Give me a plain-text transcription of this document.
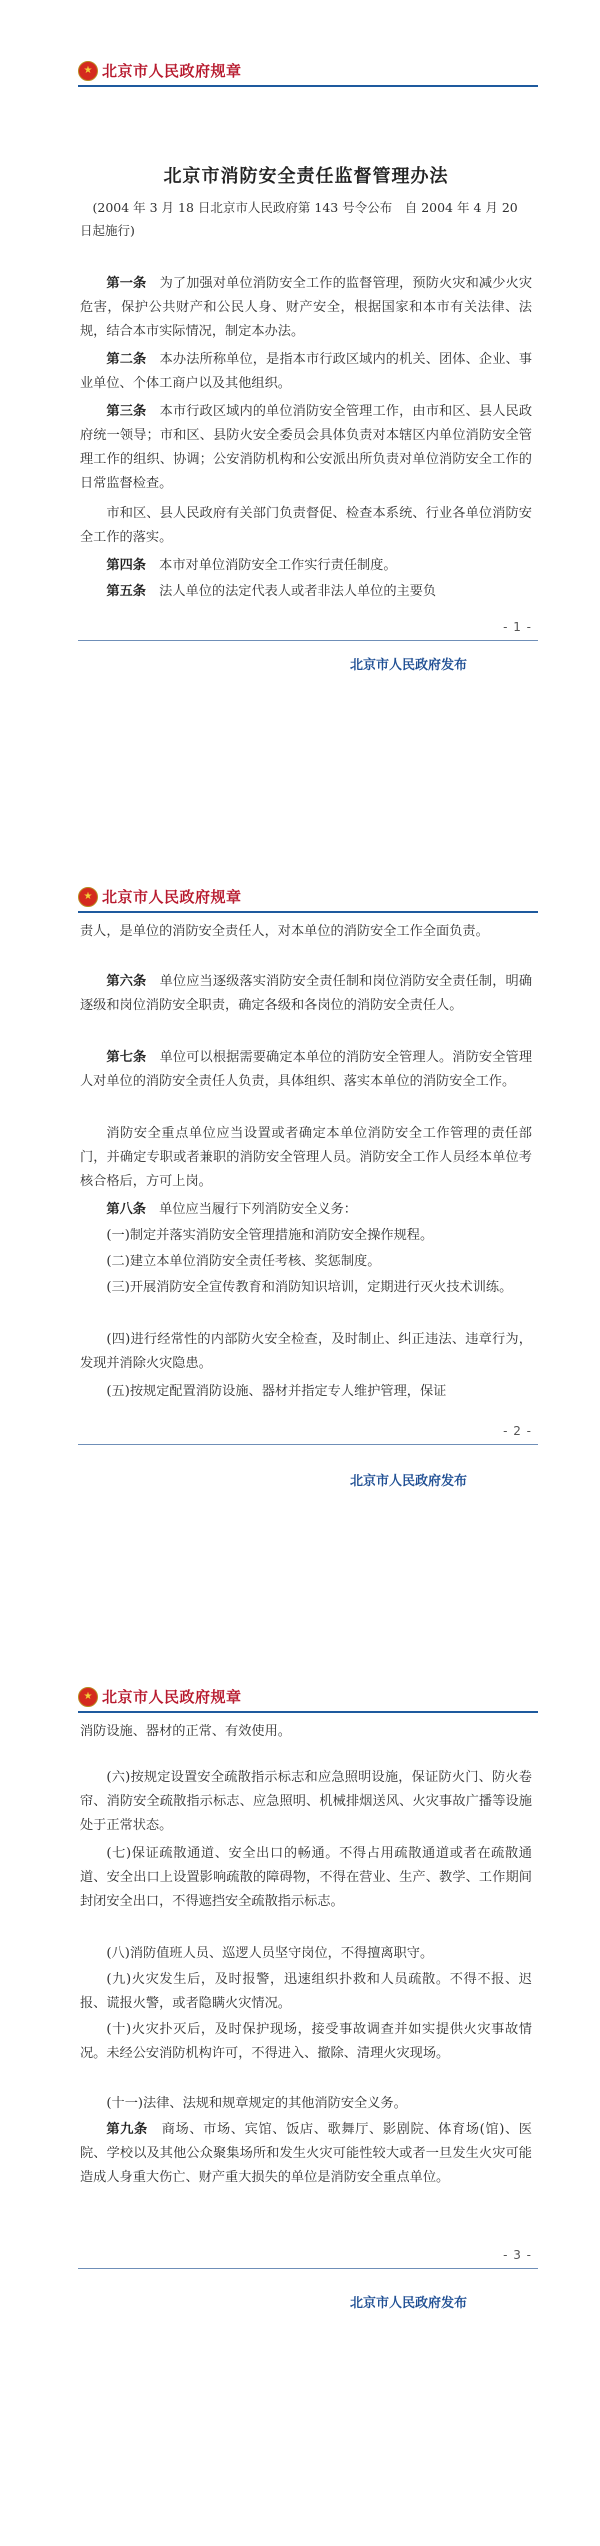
★ 北京市人民政府规章
北京市消防安全责任监督管理办法
(2004 年 3 月 18 日北京市人民政府第 143 号令公布　自 2004 年 4 月 20 日起施行)

第一条　 为了加强对单位消防安全工作的监督管理，预防火灾和减少火灾危害，保护公共财产和公民人身、财产安全，根据国家和本市有关法律、法规，结合本市实际情况，制定本办法。

第二条　 本办法所称单位，是指本市行政区域内的机关、团体、企业、事业单位、个体工商户以及其他组织。

第三条　 本市行政区域内的单位消防安全管理工作，由市和区、县人民政府统一领导；市和区、县防火安全委员会具体负责对本辖区内单位消防安全管理工作的组织、协调；公安消防机构和公安派出所负责对单位消防安全工作的日常监督检查。

市和区、县人民政府有关部门负责督促、检查本系统、行业各单位消防安全工作的落实。

第四条　 本市对单位消防安全工作实行责任制度。

第五条　 法人单位的法定代表人或者非法人单位的主要负

- 1 -
北京市人民政府发布
★ 北京市人民政府规章

责人，是单位的消防安全责任人，对本单位的消防安全工作全面负责。

第六条　 单位应当逐级落实消防安全责任制和岗位消防安全责任制，明确逐级和岗位消防安全职责，确定各级和各岗位的消防安全责任人。

第七条　 单位可以根据需要确定本单位的消防安全管理人。消防安全管理人对单位的消防安全责任人负责，具体组织、落实本单位的消防安全工作。

消防安全重点单位应当设置或者确定本单位消防安全工作管理的责任部门，并确定专职或者兼职的消防安全管理人员。消防安全工作人员经本单位考核合格后，方可上岗。

第八条　 单位应当履行下列消防安全义务：

(一)制定并落实消防安全管理措施和消防安全操作规程。

(二)建立本单位消防安全责任考核、奖惩制度。

(三)开展消防安全宣传教育和消防知识培训，定期进行灭火技术训练。

(四)进行经常性的内部防火安全检查，及时制止、纠正违法、违章行为，发现并消除火灾隐患。

(五)按规定配置消防设施、器材并指定专人维护管理，保证

- 2 -
北京市人民政府发布
★ 北京市人民政府规章

消防设施、器材的正常、有效使用。

(六)按规定设置安全疏散指示标志和应急照明设施，保证防火门、防火卷帘、消防安全疏散指示标志、应急照明、机械排烟送风、火灾事故广播等设施处于正常状态。

(七)保证疏散通道、安全出口的畅通。不得占用疏散通道或者在疏散通道、安全出口上设置影响疏散的障碍物，不得在营业、生产、教学、工作期间封闭安全出口，不得遮挡安全疏散指示标志。

(八)消防值班人员、巡逻人员坚守岗位，不得擅离职守。

(九)火灾发生后，及时报警，迅速组织扑救和人员疏散。不得不报、迟报、谎报火警，或者隐瞒火灾情况。

(十)火灾扑灭后，及时保护现场，接受事故调查并如实提供火灾事故情况。未经公安消防机构许可，不得进入、撤除、清理火灾现场。

(十一)法律、法规和规章规定的其他消防安全义务。

第九条　 商场、市场、宾馆、饭店、歌舞厅、影剧院、体育场(馆)、医院、学校以及其他公众聚集场所和发生火灾可能性较大或者一旦发生火灾可能造成人身重大伤亡、财产重大损失的单位是消防安全重点单位。

- 3 -
北京市人民政府发布
